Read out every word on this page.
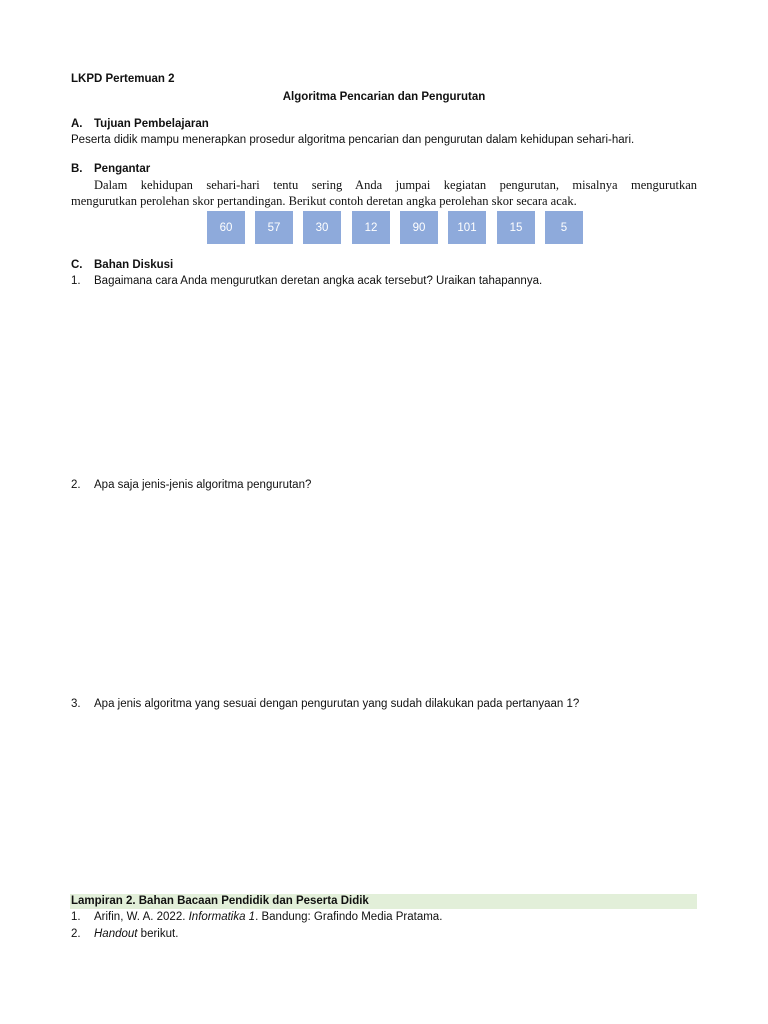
LKPD Pertemuan 2
Algoritma Pencarian dan Pengurutan
A. Tujuan Pembelajaran
Peserta didik mampu menerapkan prosedur algoritma pencarian dan pengurutan dalam kehidupan sehari-hari.
B. Pengantar
Dalam kehidupan sehari-hari tentu sering Anda jumpai kegiatan pengurutan, misalnya mengurutkan
mengurutkan perolehan skor pertandingan. Berikut contoh deretan angka perolehan skor secara acak.
60	57	30	12	90	101	15	5
C. Bahan Diskusi
1. Bagaimana cara Anda mengurutkan deretan angka acak tersebut? Uraikan tahapannya.
2. Apa saja jenis-jenis algoritma pengurutan?
3. Apa jenis algoritma yang sesuai dengan pengurutan yang sudah dilakukan pada pertanyaan 1?
Lampiran 2. Bahan Bacaan Pendidik dan Peserta Didik
1. Arifin, W. A. 2022. Informatika 1. Bandung: Grafindo Media Pratama.
2. Handout berikut.
